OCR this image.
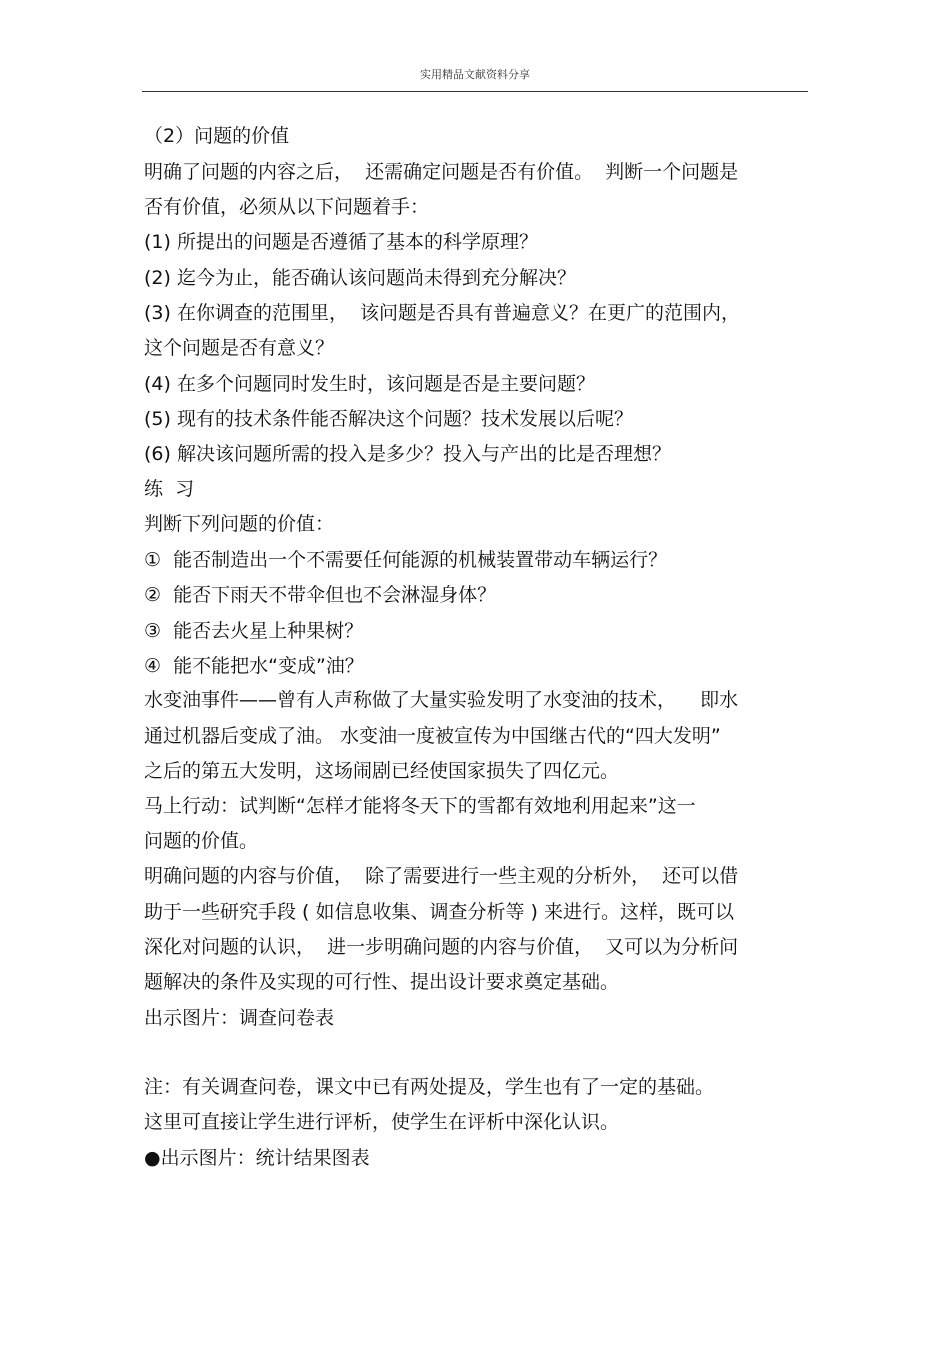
实用精品文献资料分享
（2）问题的价值
明确了问题的内容之后，  还需确定问题是否有价值。  判断一个问题是
否有价值，必须从以下问题着手：
(1) 所提出的问题是否遵循了基本的科学原理？
(2) 迄今为止，能否确认该问题尚未得到充分解决？
(3) 在你调查的范围里，  该问题是否具有普遍意义？在更广的范围内，
这个问题是否有意义？
(4) 在多个问题同时发生时，该问题是否是主要问题？
(5) 现有的技术条件能否解决这个问题？技术发展以后呢？
(6) 解决该问题所需的投入是多少？投入与产出的比是否理想？
练  习
判断下列问题的价值：
①  能否制造出一个不需要任何能源的机械装置带动车辆运行？
②  能否下雨天不带伞但也不会淋湿身体？
③  能否去火星上种果树？
④  能不能把水“变成”油？
水变油事件——曾有人声称做了大量实验发明了水变油的技术，    即水
通过机器后变成了油。 水变油一度被宣传为中国继古代的“四大发明”
之后的第五大发明，这场闹剧已经使国家损失了四亿元。
马上行动：试判断“怎样才能将冬天下的雪都有效地利用起来”这一
问题的价值。
明确问题的内容与价值，  除了需要进行一些主观的分析外，  还可以借
助于一些研究手段 ( 如信息收集、调查分析等 ) 来进行。这样，既可以
深化对问题的认识，  进一步明确问题的内容与价值，  又可以为分析问
题解决的条件及实现的可行性、提出设计要求奠定基础。
出示图片：调查问卷表
注：有关调查问卷，课文中已有两处提及，学生也有了一定的基础。
这里可直接让学生进行评析，使学生在评析中深化认识。
●出示图片：统计结果图表
